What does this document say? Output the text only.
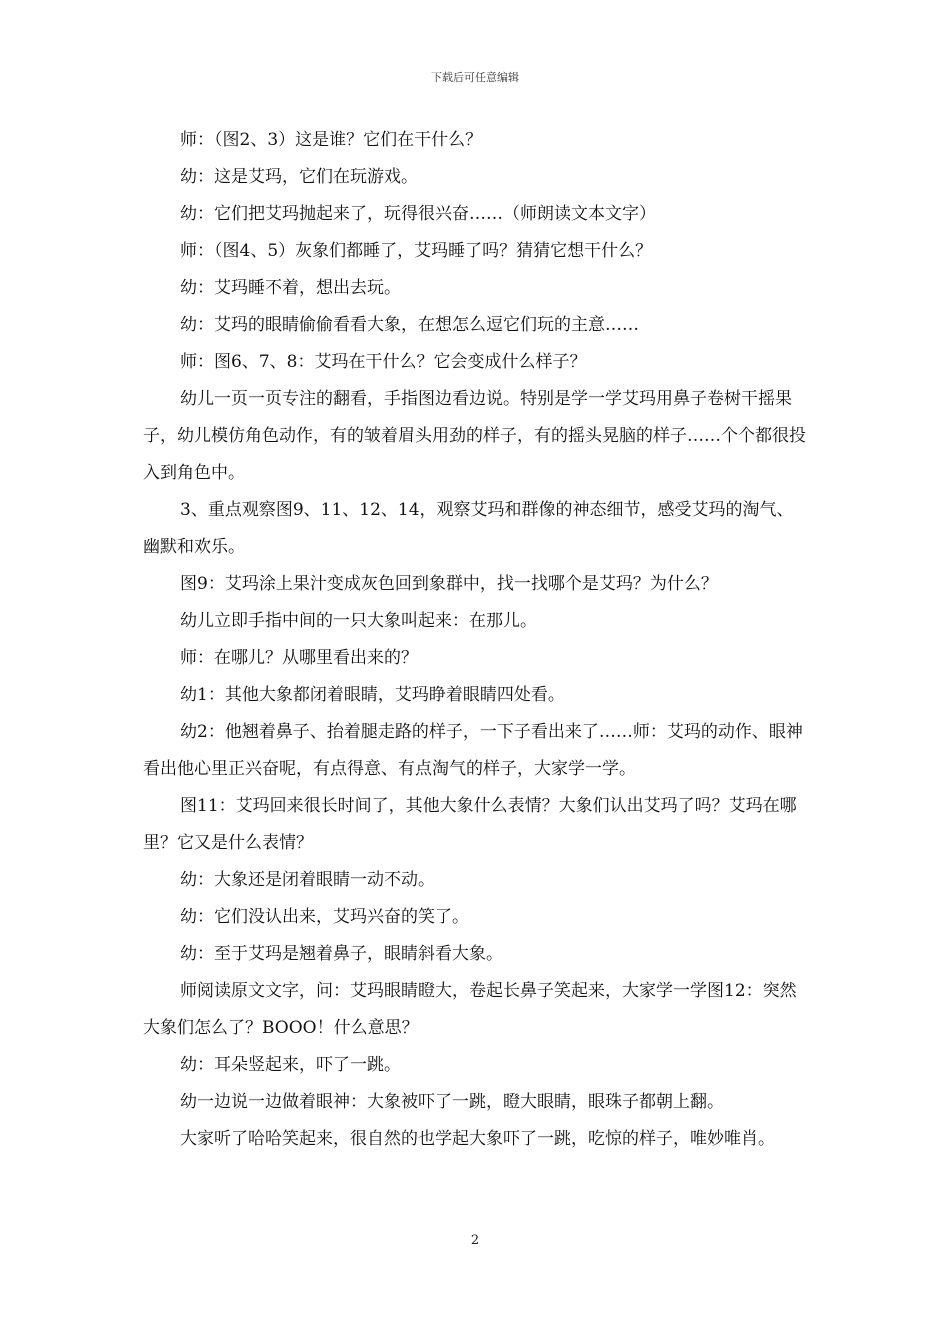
下载后可任意编辑

师：（图2、3）这是谁？它们在干什么？

幼：这是艾玛，它们在玩游戏。

幼：它们把艾玛抛起来了，玩得很兴奋……（师朗读文本文字）

师：（图4、5）灰象们都睡了，艾玛睡了吗？猜猜它想干什么？

幼：艾玛睡不着，想出去玩。

幼：艾玛的眼睛偷偷看看大象，在想怎么逗它们玩的主意……

师：图6、7、8：艾玛在干什么？它会变成什么样子？

幼儿一页一页专注的翻看，手指图边看边说。特别是学一学艾玛用鼻子卷树干摇果子，幼儿模仿角色动作，有的皱着眉头用劲的样子，有的摇头晃脑的样子……个个都很投入到角色中。

3、重点观察图9、11、12、14，观察艾玛和群像的神态细节，感受艾玛的淘气、幽默和欢乐。

图9：艾玛涂上果汁变成灰色回到象群中，找一找哪个是艾玛？为什么？

幼儿立即手指中间的一只大象叫起来：在那儿。

师：在哪儿？从哪里看出来的？

幼1：其他大象都闭着眼睛，艾玛睁着眼睛四处看。

幼2：他翘着鼻子、抬着腿走路的样子，一下子看出来了……师：艾玛的动作、眼神看出他心里正兴奋呢，有点得意、有点淘气的样子，大家学一学。

图11：艾玛回来很长时间了，其他大象什么表情？大象们认出艾玛了吗？艾玛在哪里？它又是什么表情？

幼：大象还是闭着眼睛一动不动。

幼：它们没认出来，艾玛兴奋的笑了。

幼：至于艾玛是翘着鼻子，眼睛斜看大象。

师阅读原文文字，问：艾玛眼睛瞪大，卷起长鼻子笑起来，大家学一学图12：突然大象们怎么了？BOOO！什么意思？

幼：耳朵竖起来，吓了一跳。

幼一边说一边做着眼神：大象被吓了一跳，瞪大眼睛，眼珠子都朝上翻。

大家听了哈哈笑起来，很自然的也学起大象吓了一跳，吃惊的样子，唯妙唯肖。

2
